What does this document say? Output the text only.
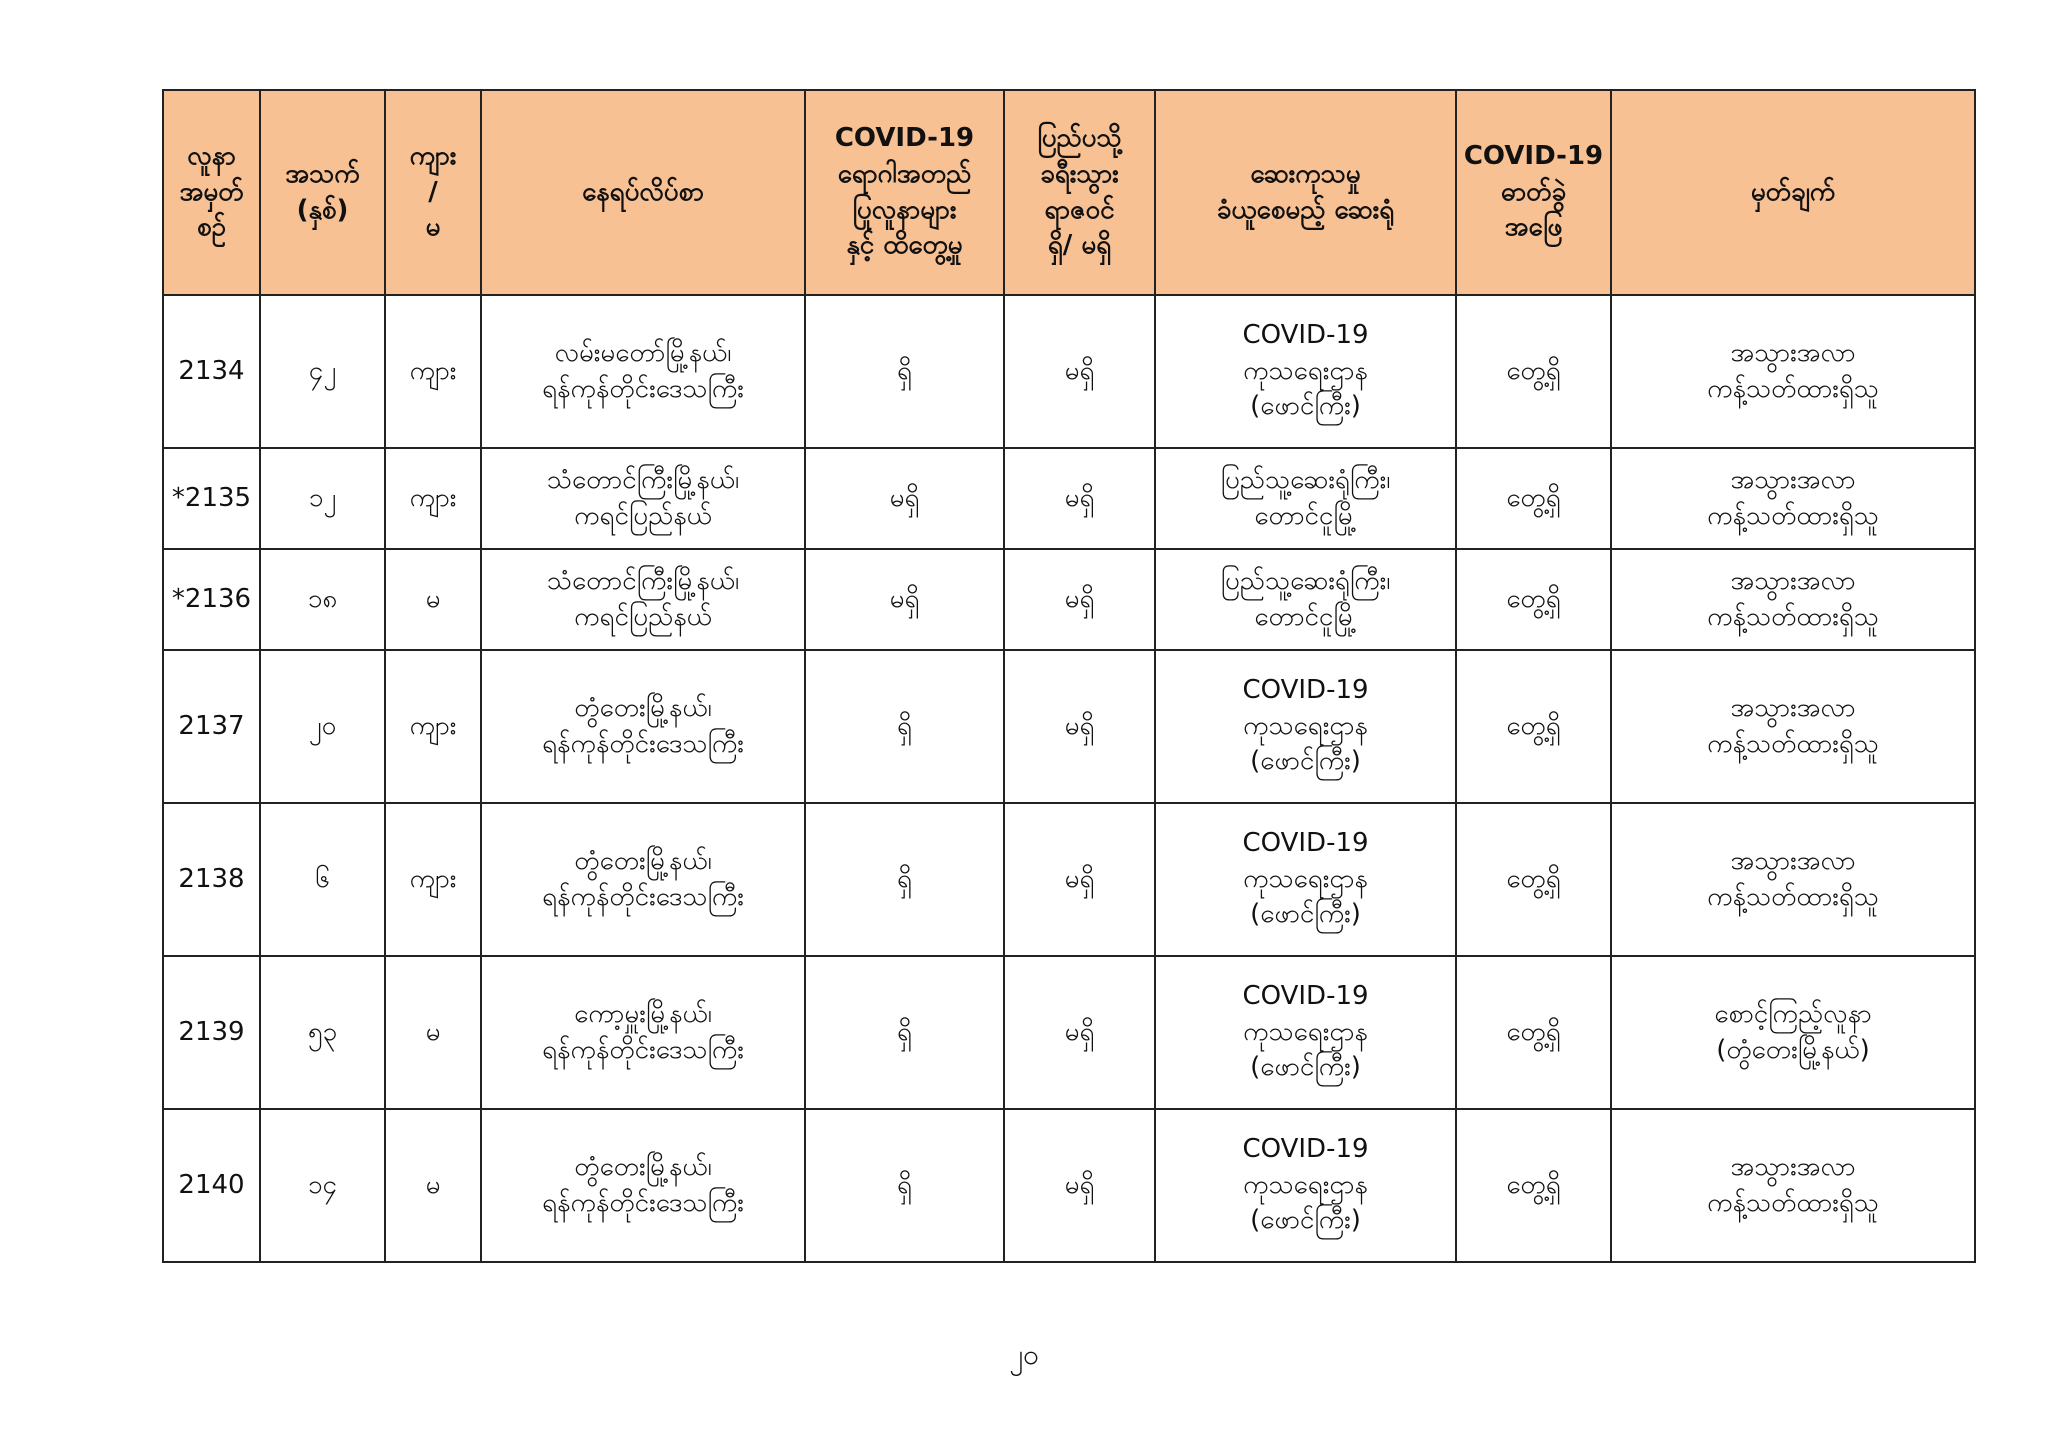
လူနာ
အမှတ်
စဉ်	အသက်
(နှစ်)	ကျား
/
မ	နေရပ်လိပ်စာ	COVID-19
ရောဂါအတည်
ပြုလူနာများ
နှင့် ထိတွေ့မှု	ပြည်ပသို့
ခရီးသွား
ရာဇဝင်
ရှိ/ မရှိ	ဆေးကုသမှု
ခံယူစေမည့် ဆေးရုံ	COVID-19
ဓာတ်ခွဲ
အဖြေ	မှတ်ချက်
2134	၄၂	ကျား	လမ်းမတော်မြို့နယ်၊
ရန်ကုန်တိုင်းဒေသကြီး	ရှိ	မရှိ	COVID-19
ကုသရေးဌာန
(ဖောင်ကြီး)	တွေ့ရှိ	အသွားအလာ
ကန့်သတ်ထားရှိသူ
*2135	၁၂	ကျား	သံတောင်ကြီးမြို့နယ်၊
ကရင်ပြည်နယ်	မရှိ	မရှိ	ပြည်သူ့ဆေးရုံကြီး၊
တောင်ငူမြို့	တွေ့ရှိ	အသွားအလာ
ကန့်သတ်ထားရှိသူ
*2136	၁၈	မ	သံတောင်ကြီးမြို့နယ်၊
ကရင်ပြည်နယ်	မရှိ	မရှိ	ပြည်သူ့ဆေးရုံကြီး၊
တောင်ငူမြို့	တွေ့ရှိ	အသွားအလာ
ကန့်သတ်ထားရှိသူ
2137	၂၀	ကျား	တွံတေးမြို့နယ်၊
ရန်ကုန်တိုင်းဒေသကြီး	ရှိ	မရှိ	COVID-19
ကုသရေးဌာန
(ဖောင်ကြီး)	တွေ့ရှိ	အသွားအလာ
ကန့်သတ်ထားရှိသူ
2138	၆	ကျား	တွံတေးမြို့နယ်၊
ရန်ကုန်တိုင်းဒေသကြီး	ရှိ	မရှိ	COVID-19
ကုသရေးဌာန
(ဖောင်ကြီး)	တွေ့ရှိ	အသွားအလာ
ကန့်သတ်ထားရှိသူ
2139	၅၃	မ	ကော့မှူးမြို့နယ်၊
ရန်ကုန်တိုင်းဒေသကြီး	ရှိ	မရှိ	COVID-19
ကုသရေးဌာန
(ဖောင်ကြီး)	တွေ့ရှိ	စောင့်ကြည့်လူနာ
(တွံတေးမြို့နယ်)
2140	၁၄	မ	တွံတေးမြို့နယ်၊
ရန်ကုန်တိုင်းဒေသကြီး	ရှိ	မရှိ	COVID-19
ကုသရေးဌာန
(ဖောင်ကြီး)	တွေ့ရှိ	အသွားအလာ
ကန့်သတ်ထားရှိသူ
၂၀
